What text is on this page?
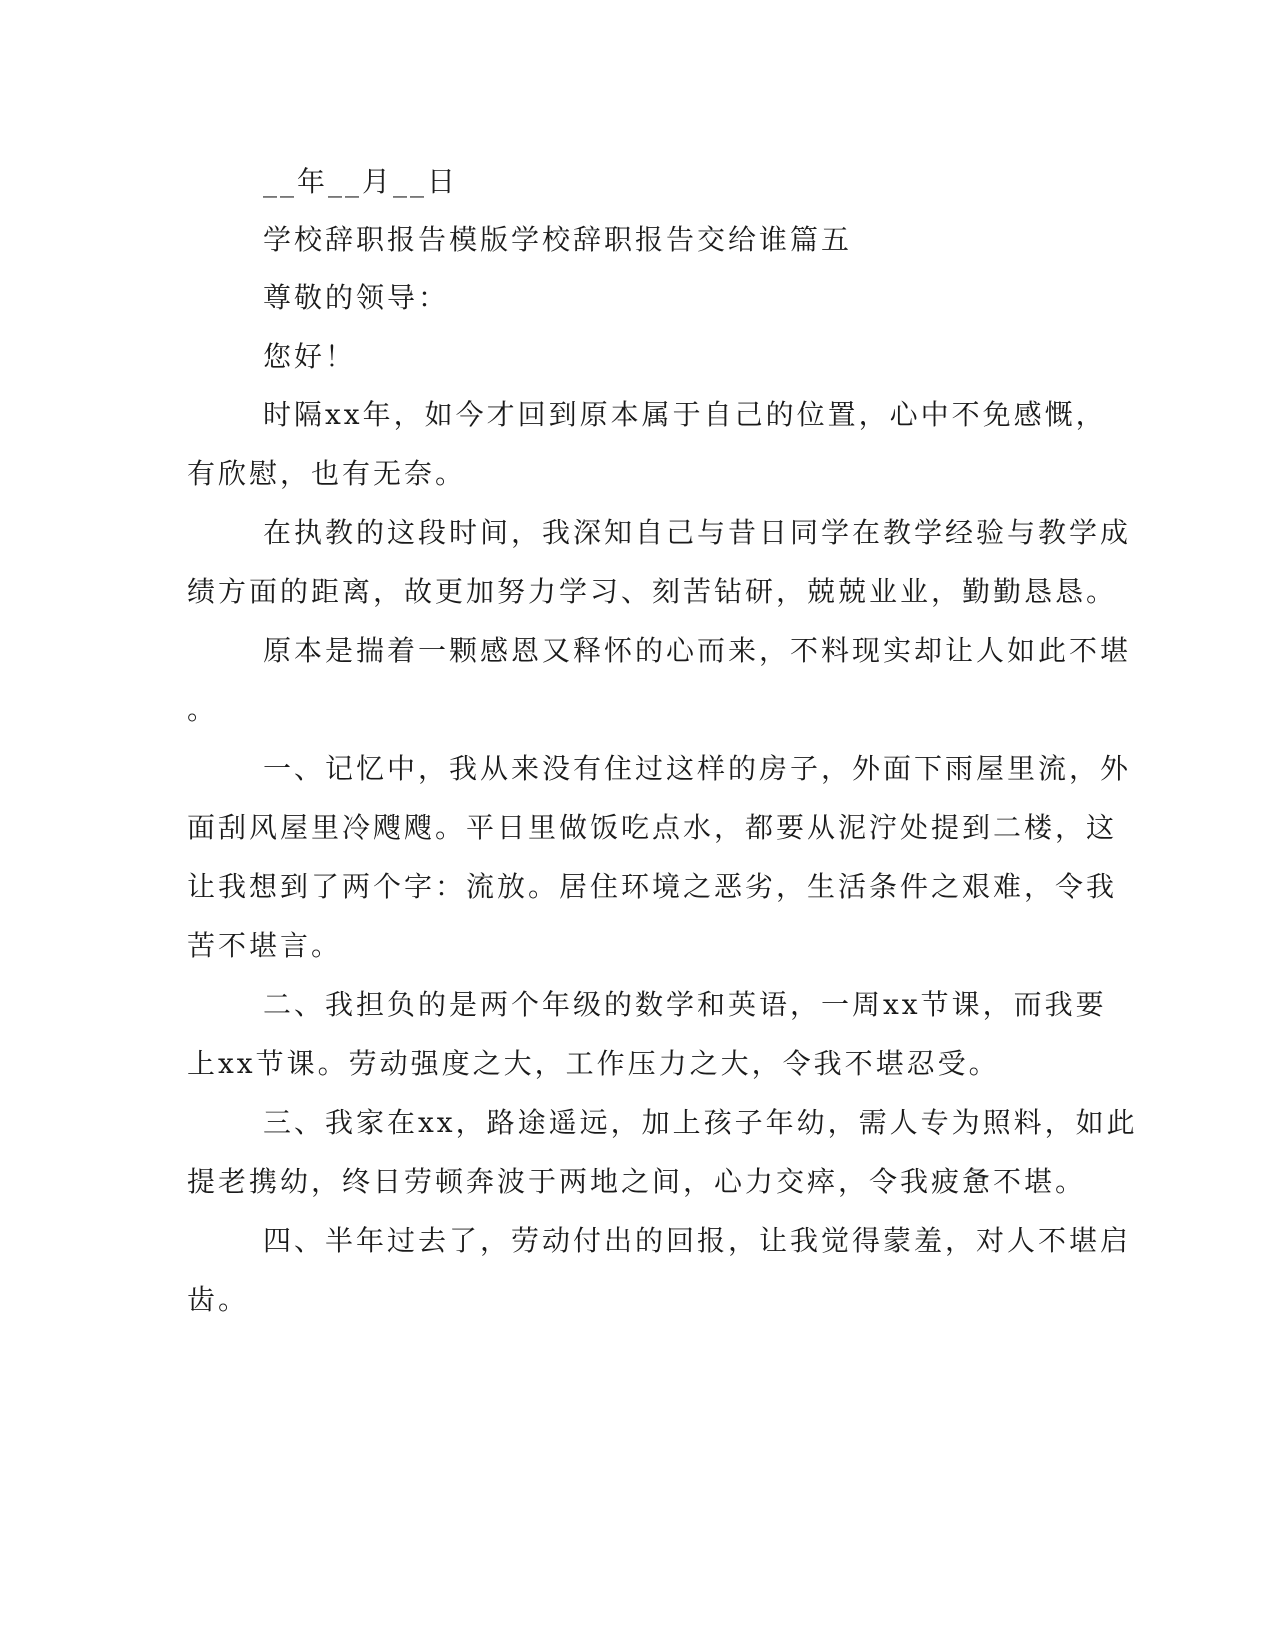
__年__月__日

学校辞职报告模版学校辞职报告交给谁篇五

尊敬的领导：

您好！

时隔xx年，如今才回到原本属于自己的位置，心中不免感慨，

有欣慰，也有无奈。

在执教的这段时间，我深知自己与昔日同学在教学经验与教学成

绩方面的距离，故更加努力学习、刻苦钻研，兢兢业业，勤勤恳恳。

原本是揣着一颗感恩又释怀的心而来，不料现实却让人如此不堪

。

一、记忆中，我从来没有住过这样的房子，外面下雨屋里流，外

面刮风屋里冷飕飕。平日里做饭吃点水，都要从泥泞处提到二楼，这

让我想到了两个字：流放。居住环境之恶劣，生活条件之艰难，令我

苦不堪言。

二、我担负的是两个年级的数学和英语，一周xx节课，而我要

上xx节课。劳动强度之大，工作压力之大，令我不堪忍受。

三、我家在xx，路途遥远，加上孩子年幼，需人专为照料，如此

提老携幼，终日劳顿奔波于两地之间，心力交瘁，令我疲惫不堪。

四、半年过去了，劳动付出的回报，让我觉得蒙羞，对人不堪启

齿。
